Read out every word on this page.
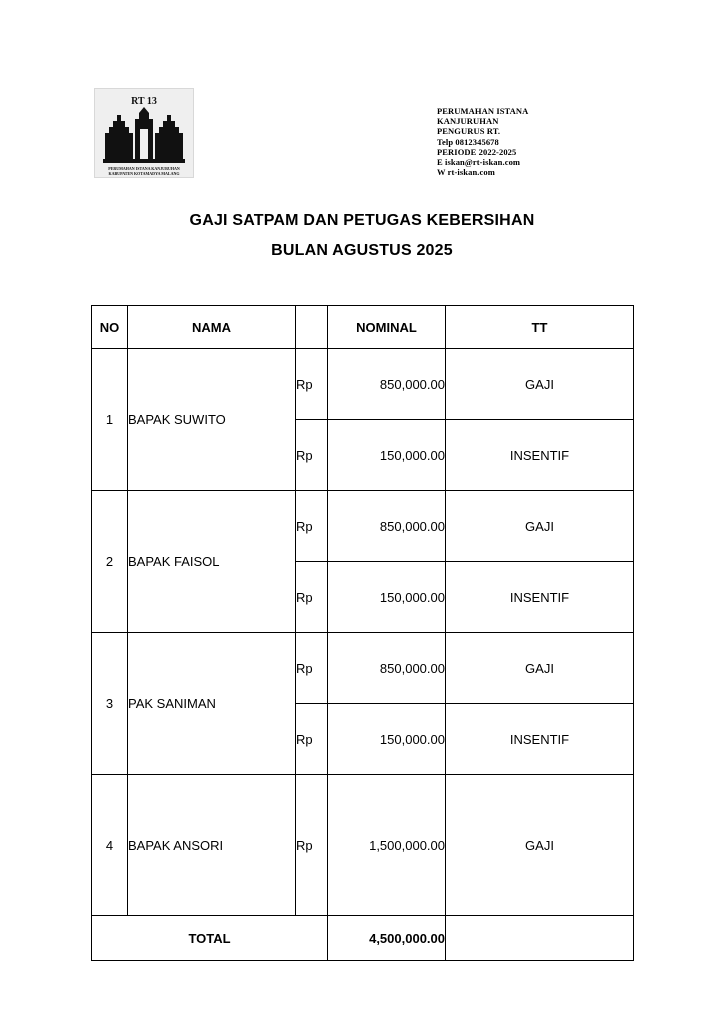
RT 13
PERUMAHAN ISTANA KANJURUHAN
KABUPATEN KOTAMADYA MALANG
PERUMAHAN ISTANA
KANJURUHAN
PENGURUS RT.
Telp 0812345678
PERIODE 2022-2025
E iskan@rt-iskan.com
W rt-iskan.com
GAJI SATPAM DAN PETUGAS KEBERSIHAN
BULAN AGUSTUS 2025
NO	NAMA		NOMINAL	TT
1	BAPAK SUWITO	Rp	850,000.00	GAJI
		Rp	150,000.00	INSENTIF
2	BAPAK FAISOL	Rp	850,000.00	GAJI
		Rp	150,000.00	INSENTIF
3	PAK SANIMAN	Rp	850,000.00	GAJI
		Rp	150,000.00	INSENTIF
4	BAPAK ANSORI	Rp	1,500,000.00	GAJI
TOTAL			4,500,000.00	
